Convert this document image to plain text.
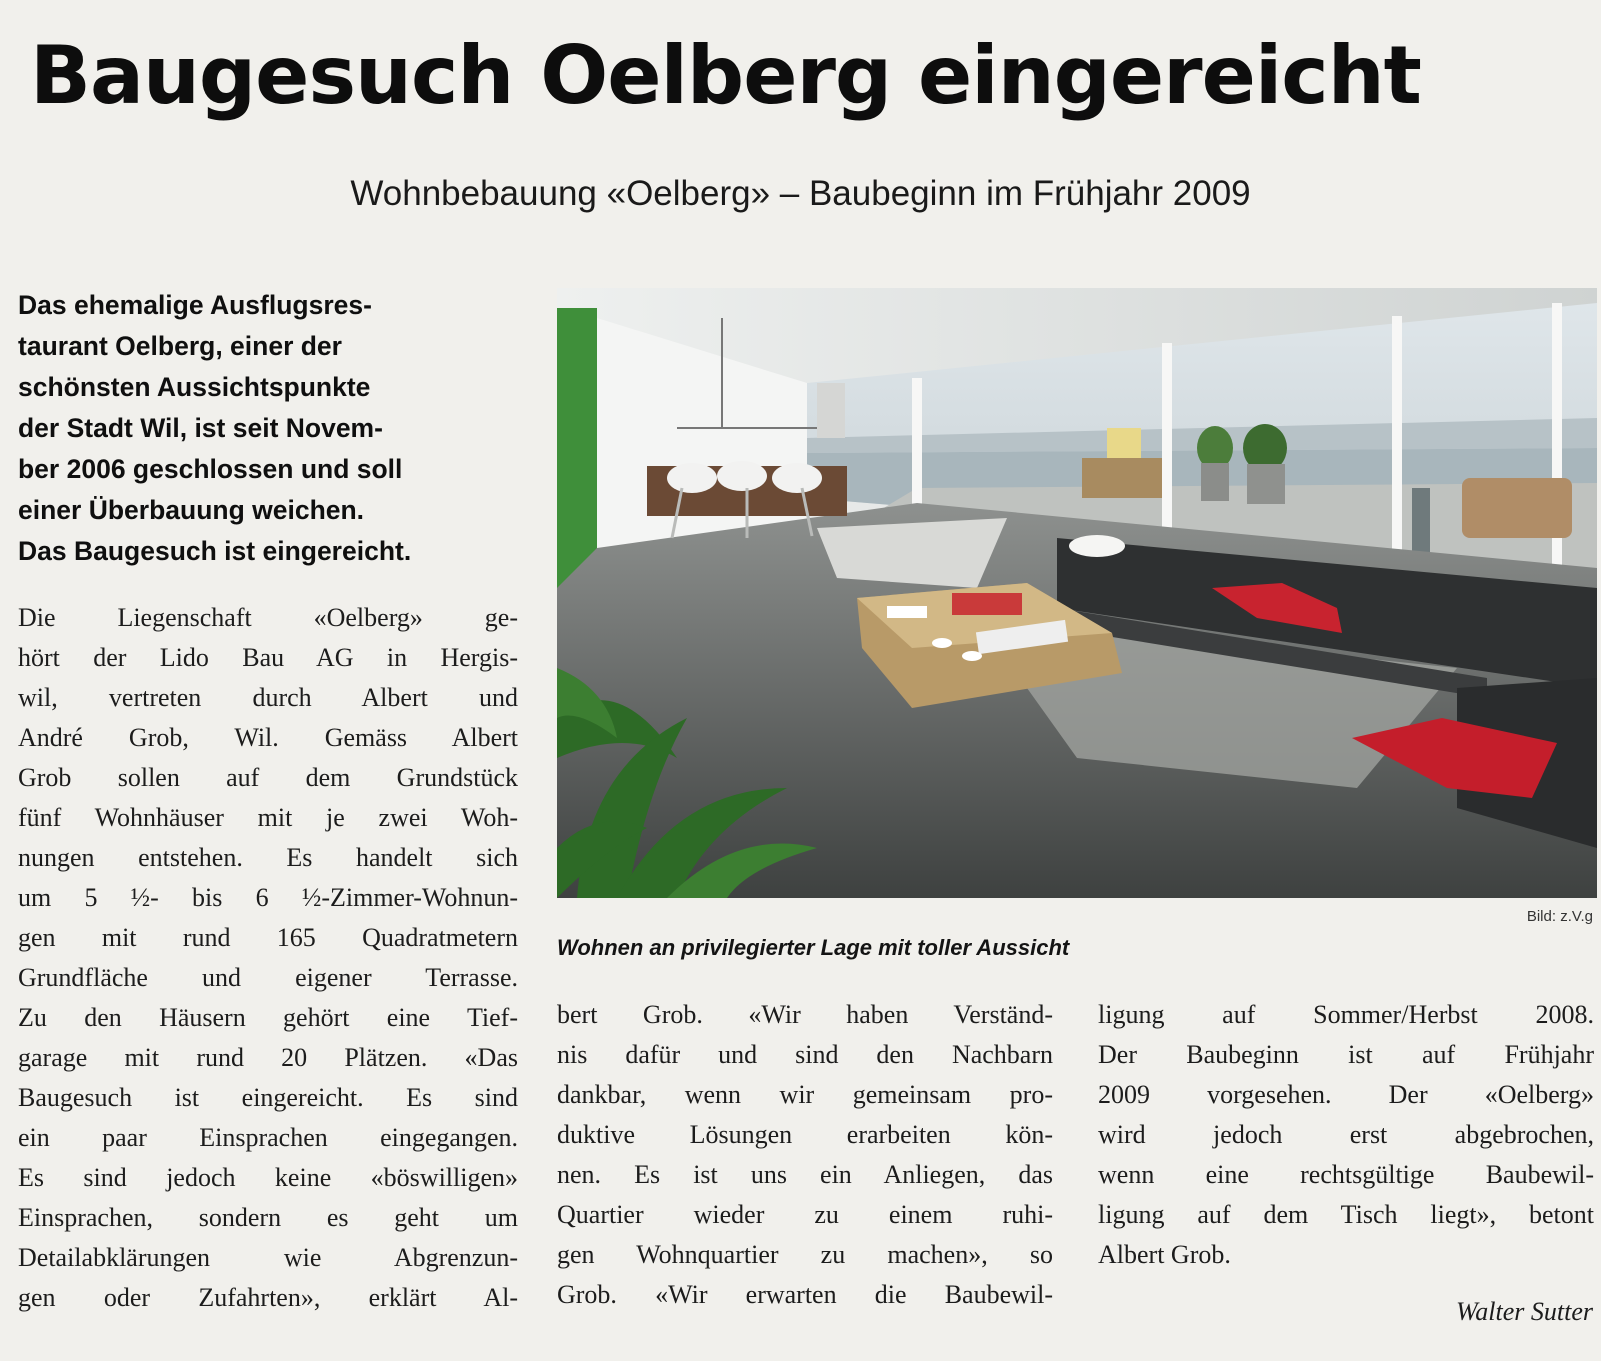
Baugesuch Oelberg eingereicht
Wohnbebauung «Oelberg» – Baubeginn im Frühjahr 2009
Das ehemalige Ausflugsres-
taurant Oelberg, einer der
schönsten Aussichtspunkte
der Stadt Wil, ist seit Novem-
ber 2006 geschlossen und soll
einer Überbauung weichen.
Das Baugesuch ist eingereicht.
Die Liegenschaft «Oelberg» ge-
hört der Lido Bau AG in Hergis-
wil, vertreten durch Albert und
André Grob, Wil. Gemäss Albert
Grob sollen auf dem Grundstück
fünf Wohnhäuser mit je zwei Woh-
nungen entstehen. Es handelt sich
um 5 ½- bis 6 ½-Zimmer-Wohnun-
gen mit rund 165 Quadratmetern
Grundfläche und eigener Terrasse.
Zu den Häusern gehört eine Tief-
garage mit rund 20 Plätzen. «Das
Baugesuch ist eingereicht. Es sind
ein paar Einsprachen eingegangen.
Es sind jedoch keine «böswilligen»
Einsprachen, sondern es geht um
Detailabklärungen wie Abgrenzun-
gen oder Zufahrten», erklärt Al-
Bild: z.V.g
Wohnen an privilegierter Lage mit toller Aussicht
bert Grob. «Wir haben Verständ-
nis dafür und sind den Nachbarn
dankbar, wenn wir gemeinsam pro-
duktive Lösungen erarbeiten kön-
nen. Es ist uns ein Anliegen, das
Quartier wieder zu einem ruhi-
gen Wohnquartier zu machen», so
Grob. «Wir erwarten die Baubewil-
ligung auf Sommer/Herbst 2008.
Der Baubeginn ist auf Frühjahr
2009 vorgesehen. Der «Oelberg»
wird jedoch erst abgebrochen,
wenn eine rechtsgültige Baubewil-
ligung auf dem Tisch liegt», betont
Albert Grob.
Walter Sutter
